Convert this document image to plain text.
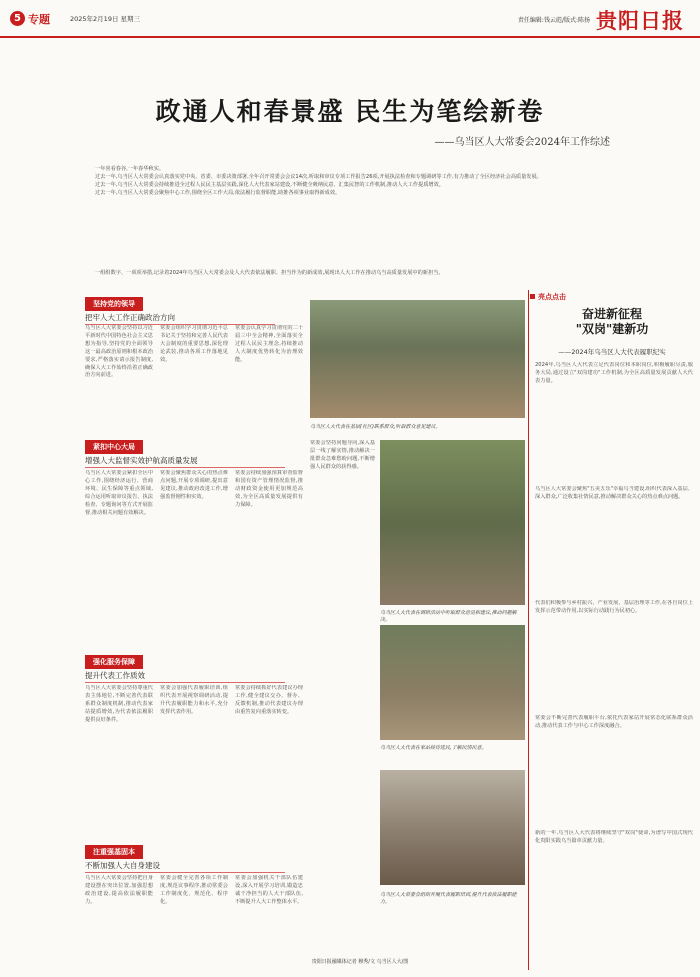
5 专题	2025年2月19日 星期三	责任编辑:钱云彪/版式:陈扬 贵阳日报
政通人和春景盛 民生为笔绘新卷
——乌当区人大常委会2024年工作综述

一年喜看春谷,一年春华秋实。

过去一年,乌当区人大常委会认真落实党中央、省委、市委决策部署,全年召开常委会会议14次,听取和审议专项工作报告26项,开展执法检查和专题调研等工作,有力推动了全区经济社会高质量发展。

过去一年,乌当区人大常委会持续推进全过程人民民主基层实践,深化人大代表家站建设,不断健全吸纳民意、汇集民智的工作机制,推动人大工作提质增效。

过去一年,乌当区人大常委会聚焦中心工作,围绕全区工作大局,依法履行监督职能,助推各项事业取得新成效。

一组组数字、一项项举措,记录着2024年乌当区人大常委会及人大代表依法履职、担当作为的新成效,展现出人大工作在推动乌当高质量发展中的新担当。
坚持党的领导
把牢人大工作正确政治方向
乌当区人大常委会坚持以习近平新时代中国特色社会主义思想为指导,坚持党的全面领导这一最高政治原则和根本政治要求,严格落实请示报告制度,确保人大工作始终沿着正确政治方向前进。
常委会组织学习贯彻习近平总书记关于坚持和完善人民代表大会制度的重要思想,深化理论武装,推动各项工作落地见效。
常委会认真学习贯彻党的二十届三中全会精神,全面落实全过程人民民主理念,持续推动人大制度优势转化为治理效能。
乌当区人大代表在基层(社区)联系群众,听取群众意见建议。
紧扣中心大局
增强人大监督实效护航高质量发展
乌当区人大常委会紧扣全区中心工作,围绕经济运行、营商环境、民生保障等重点领域,综合运用听取审议报告、执法检查、专题询问等方式开展监督,推动相关问题有效解决。
常委会聚焦群众关心的热点难点问题,开展专项调研,提出意见建议,推动政府改进工作,增强监督刚性和实效。
常委会持续加强预算审查监督和国有资产管理情况监督,推动财政资金使用更加规范高效,为全区高质量发展提供有力保障。
乌当区人大代表在调研活动中听取群众意见和建议,推动问题解决。
常委会坚持问题导向,深入基层一线了解实情,推动解决一批群众急难愁盼问题,不断增强人民群众的获得感。
强化服务保障
提升代表工作质效
乌当区人大常委会坚持尊重代表主体地位,不断完善代表联系群众制度机制,推动代表家站提质增效,为代表依法履职提供良好条件。
常委会加强代表履职培训,组织代表开展视察调研活动,提升代表履职能力和水平,充分发挥代表作用。
常委会持续抓好代表建议办理工作,健全建议交办、督办、反馈机制,推动代表建议办理由重答复向重落实转变。
乌当区人大代表在家站接待选民,了解民情民意。
注重强基固本
不断加强人大自身建设
乌当区人大常委会坚持把自身建设摆在突出位置,加强思想政治建设,提高依法履职能力。
常委会健全完善各项工作制度,规范议事程序,推动常委会工作制度化、规范化、程序化。
常委会加强机关干部队伍建设,深入开展学习培训,锻造忠诚干净担当的人大干部队伍,不断提升人大工作整体水平。
乌当区人大常委会组织开展代表履职培训,提升代表依法履职能力。
亮点点击
奋进新征程
"双岗"建新功
——2024年乌当区人大代表履职纪实
2024年,乌当区人大代表立足代表岗位和本职岗位,积极履职尽责,服务大局,通过设立"双岗建功"工作机制,为全区高质量发展贡献人大代表力量。
乌当区人大常委会聚焦"五美五乐"幸福乌当建设,组织代表深入基层、深入群众,广泛收集社情民意,推动解决群众关心的热点难点问题。
代表们积极参与乡村振兴、产业发展、基层治理等工作,在各自岗位上发挥示范带动作用,以实际行动践行为民初心。
常委会不断完善代表履职平台,依托代表家站开展常态化联系群众活动,推动代表工作与中心工作深度融合。
新的一年,乌当区人大代表将继续坚守"双岗"使命,为谱写中国式现代化贵阳实践乌当篇章贡献力量。
贵阳日报融媒体记者 穆秀/文 乌当区人大/图
